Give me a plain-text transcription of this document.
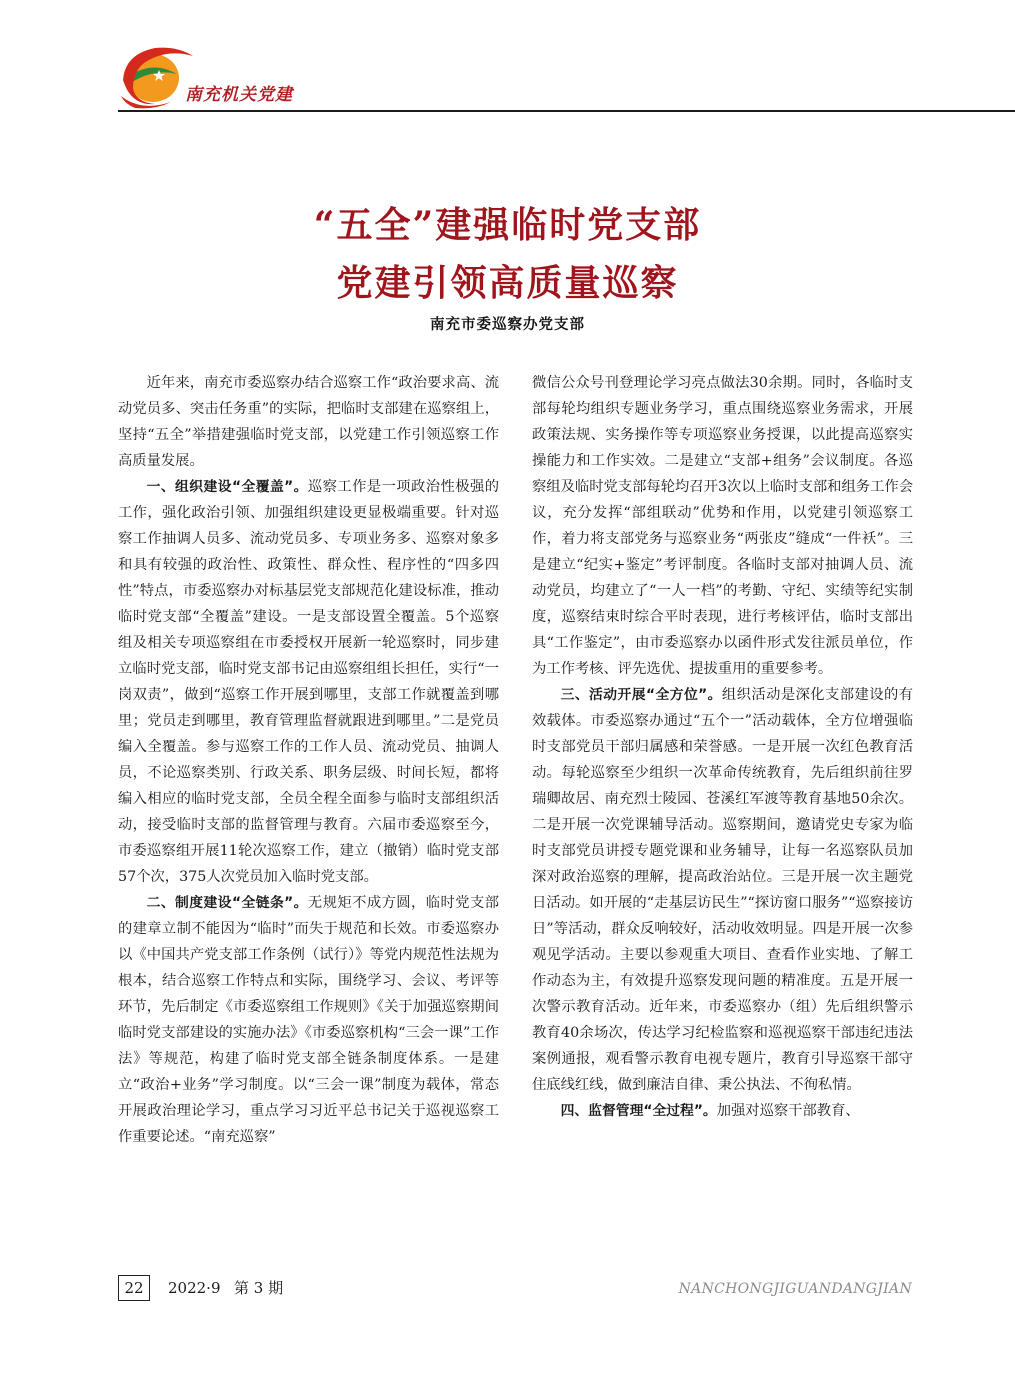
南充机关党建
“五全”建强临时党支部
党建引领高质量巡察
南充市委巡察办党支部

近年来，南充市委巡察办结合巡察工作“政治要求高、流动党员多、突击任务重”的实际，把临时支部建在巡察组上，坚持“五全”举措建强临时党支部，以党建工作引领巡察工作高质量发展。

一、组织建设“全覆盖”。巡察工作是一项政治性极强的工作，强化政治引领、加强组织建设更显极端重要。针对巡察工作抽调人员多、流动党员多、专项业务多、巡察对象多和具有较强的政治性、政策性、群众性、程序性的“四多四性”特点，市委巡察办对标基层党支部规范化建设标准，推动临时党支部“全覆盖”建设。一是支部设置全覆盖。5个巡察组及相关专项巡察组在市委授权开展新一轮巡察时，同步建立临时党支部，临时党支部书记由巡察组组长担任，实行“一岗双责”，做到“巡察工作开展到哪里，支部工作就覆盖到哪里；党员走到哪里，教育管理监督就跟进到哪里。”二是党员编入全覆盖。参与巡察工作的工作人员、流动党员、抽调人员，不论巡察类别、行政关系、职务层级、时间长短，都将编入相应的临时党支部，全员全程全面参与临时支部组织活动，接受临时支部的监督管理与教育。六届市委巡察至今，市委巡察组开展11轮次巡察工作，建立（撤销）临时党支部57个次，375人次党员加入临时党支部。

二、制度建设“全链条”。无规矩不成方圆，临时党支部的建章立制不能因为“临时”而失于规范和长效。市委巡察办以《中国共产党支部工作条例（试行）》等党内规范性法规为根本，结合巡察工作特点和实际，围绕学习、会议、考评等环节，先后制定《市委巡察组工作规则》《关于加强巡察期间临时党支部建设的实施办法》《市委巡察机构“三会一课”工作法》等规范，构建了临时党支部全链条制度体系。一是建立“政治+业务”学习制度。以“三会一课”制度为载体，常态开展政治理论学习，重点学习习近平总书记关于巡视巡察工作重要论述。“南充巡察”

微信公众号刊登理论学习亮点做法30余期。同时，各临时支部每轮均组织专题业务学习，重点围绕巡察业务需求，开展政策法规、实务操作等专项巡察业务授课，以此提高巡察实操能力和工作实效。二是建立“支部+组务”会议制度。各巡察组及临时党支部每轮均召开3次以上临时支部和组务工作会议，充分发挥“部组联动”优势和作用，以党建引领巡察工作，着力将支部党务与巡察业务“两张皮”缝成“一件袄”。三是建立“纪实+鉴定”考评制度。各临时支部对抽调人员、流动党员，均建立了“一人一档”的考勤、守纪、实绩等纪实制度，巡察结束时综合平时表现，进行考核评估，临时支部出具“工作鉴定”，由市委巡察办以函件形式发往派员单位，作为工作考核、评先选优、提拔重用的重要参考。

三、活动开展“全方位”。组织活动是深化支部建设的有效载体。市委巡察办通过“五个一”活动载体，全方位增强临时支部党员干部归属感和荣誉感。一是开展一次红色教育活动。每轮巡察至少组织一次革命传统教育，先后组织前往罗瑞卿故居、南充烈士陵园、苍溪红军渡等教育基地50余次。二是开展一次党课辅导活动。巡察期间，邀请党史专家为临时支部党员讲授专题党课和业务辅导，让每一名巡察队员加深对政治巡察的理解，提高政治站位。三是开展一次主题党日活动。如开展的“走基层访民生”“探访窗口服务”“巡察接访日”等活动，群众反响较好，活动收效明显。四是开展一次参观见学活动。主要以参观重大项目、查看作业实地、了解工作动态为主，有效提升巡察发现问题的精准度。五是开展一次警示教育活动。近年来，市委巡察办（组）先后组织警示教育40余场次，传达学习纪检监察和巡视巡察干部违纪违法案例通报，观看警示教育电视专题片，教育引导巡察干部守住底线红线，做到廉洁自律、秉公执法、不徇私情。

四、监督管理“全过程”。加强对巡察干部教育、

22	2022·9 第 3 期	NANCHONGJIGUANDANGJIAN
